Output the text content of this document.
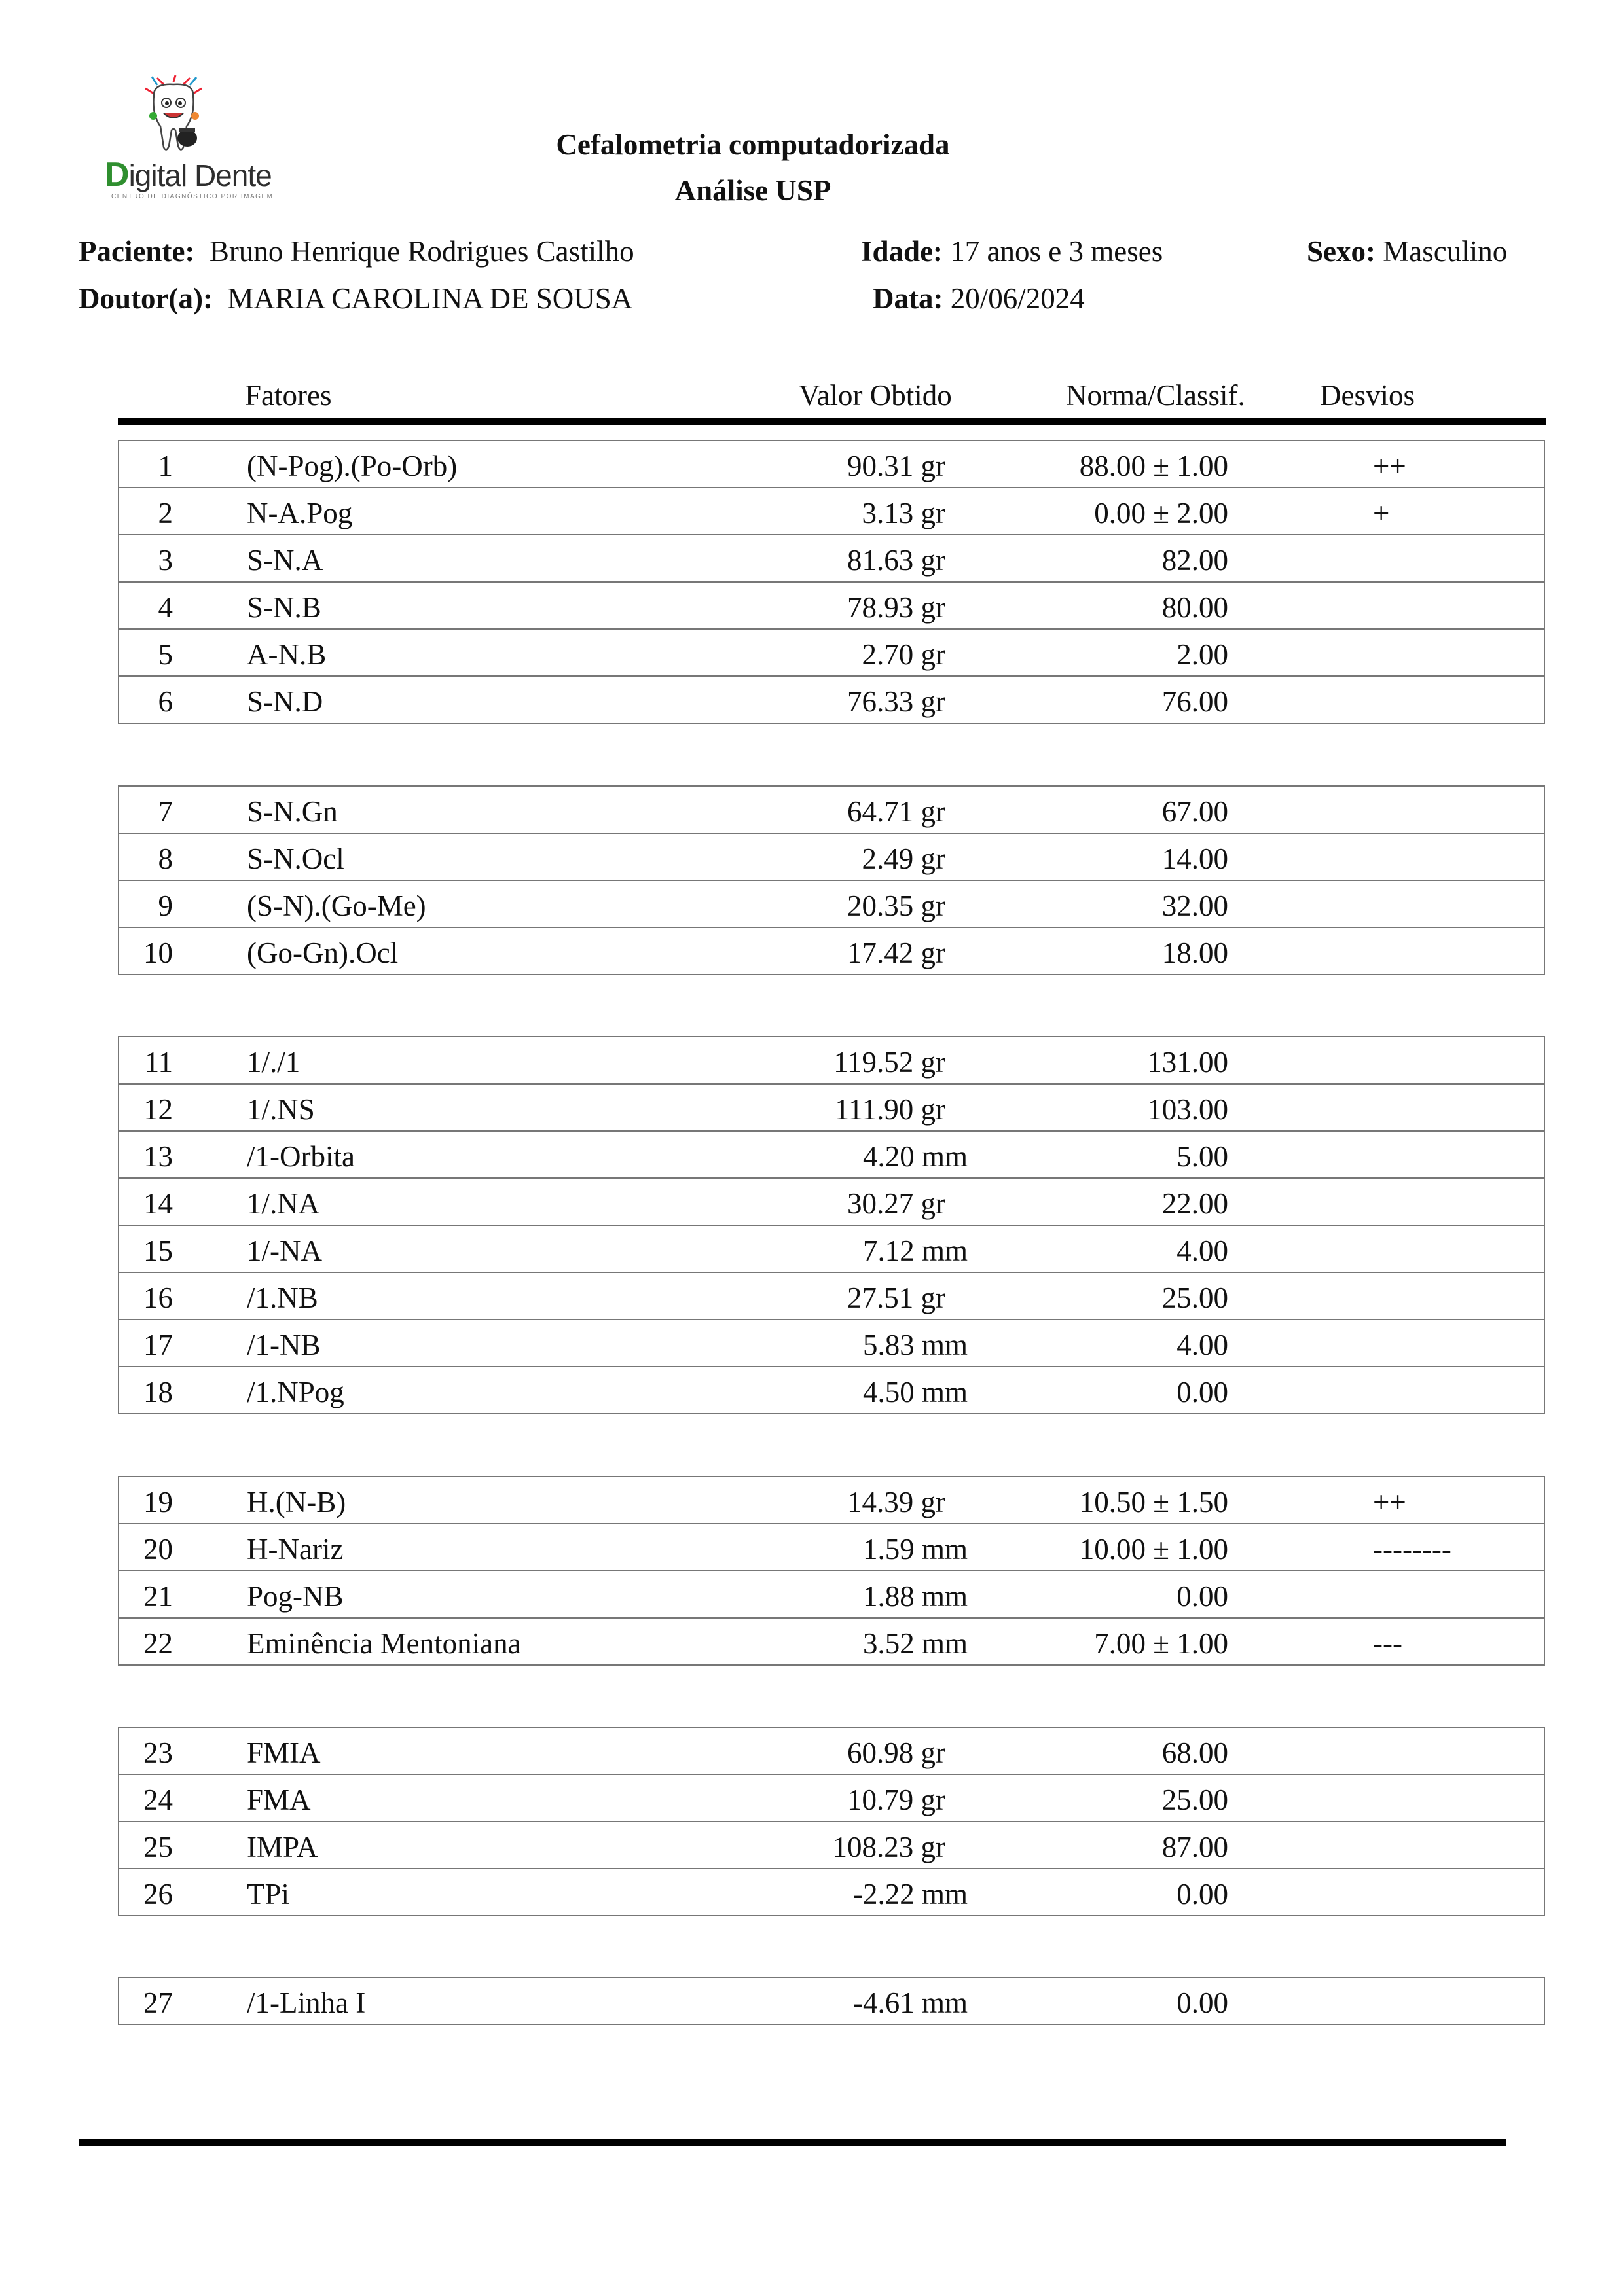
Digital Dente
CENTRO DE DIAGNÓSTICO POR IMAGEM
Cefalometria computadorizada
Análise USP
Paciente: Bruno Henrique Rodrigues Castilho	Idade: 17 anos e 3 meses	Sexo: Masculino
Doutor(a): MARIA CAROLINA DE SOUSA	Data: 20/06/2024
Fatores	Valor Obtido	Norma/Classif.	Desvios
1	(N-Pog).(Po-Orb)	90.31 gr	88.00 ± 1.00	++
2	N-A.Pog	3.13 gr	0.00 ± 2.00	+
3	S-N.A	81.63 gr	82.00
4	S-N.B	78.93 gr	80.00
5	A-N.B	2.70 gr	2.00
6	S-N.D	76.33 gr	76.00
7	S-N.Gn	64.71 gr	67.00
8	S-N.Ocl	2.49 gr	14.00
9	(S-N).(Go-Me)	20.35 gr	32.00
10	(Go-Gn).Ocl	17.42 gr	18.00
11	1/./1	119.52 gr	131.00
12	1/.NS	111.90 gr	103.00
13	/1-Orbita	4.20 mm	5.00
14	1/.NA	30.27 gr	22.00
15	1/-NA	7.12 mm	4.00
16	/1.NB	27.51 gr	25.00
17	/1-NB	5.83 mm	4.00
18	/1.NPog	4.50 mm	0.00
19	H.(N-B)	14.39 gr	10.50 ± 1.50	++
20	H-Nariz	1.59 mm	10.00 ± 1.00	--------
21	Pog-NB	1.88 mm	0.00
22	Eminência Mentoniana	3.52 mm	7.00 ± 1.00	---
23	FMIA	60.98 gr	68.00
24	FMA	10.79 gr	25.00
25	IMPA	108.23 gr	87.00
26	TPi	-2.22 mm	0.00
27	/1-Linha I	-4.61 mm	0.00
